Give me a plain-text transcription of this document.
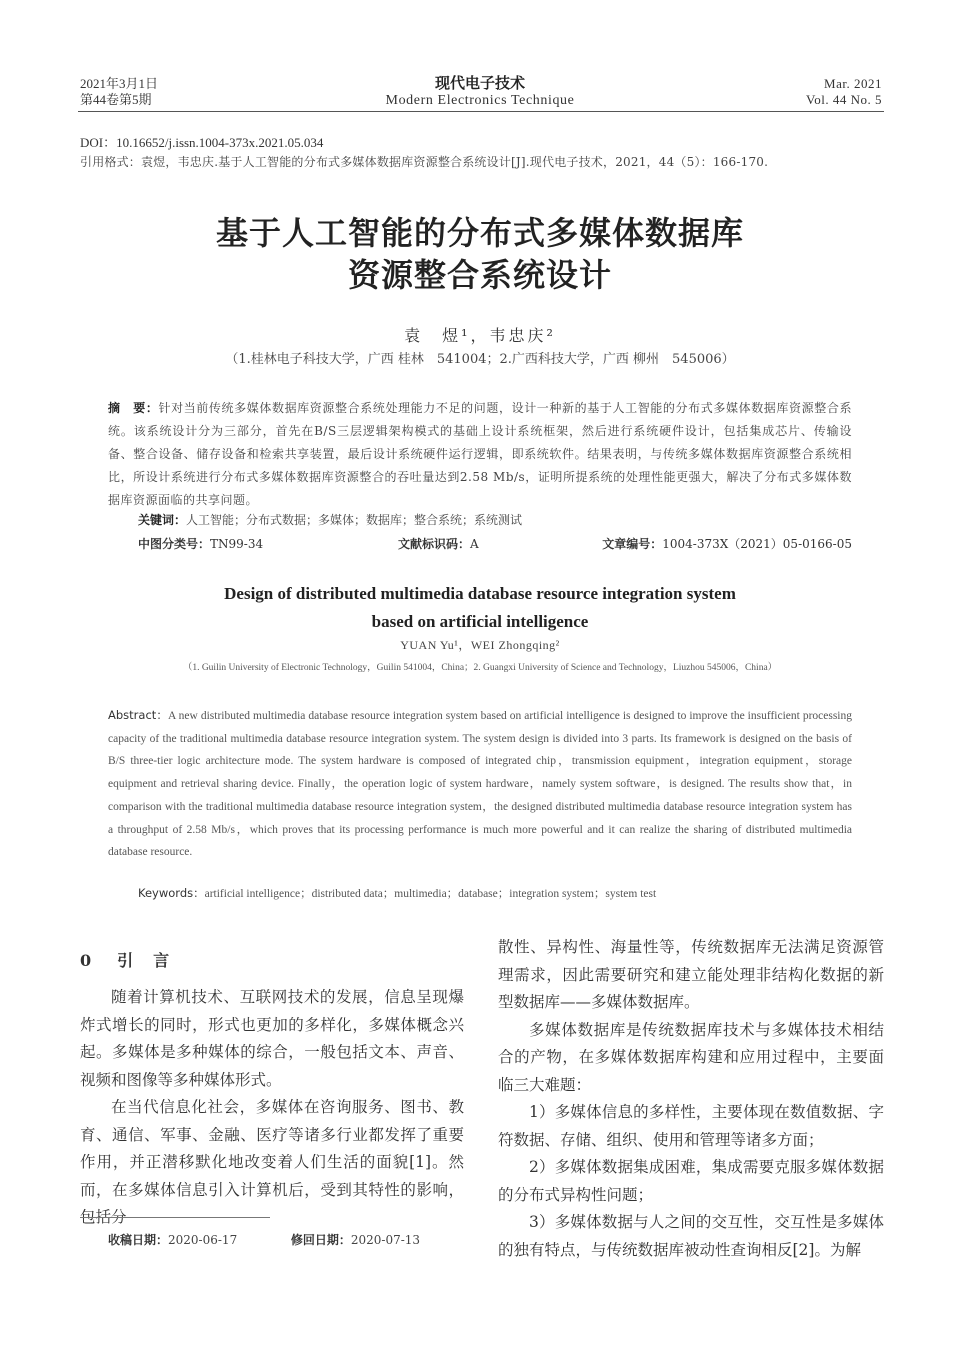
2021年3月1日
第44卷第5期
现代电子技术
Modern Electronics Technique
Mar. 2021
Vol. 44 No. 5
DOI：10.16652/j.issn.1004-373x.2021.05.034
引用格式：袁煜，韦忠庆.基于人工智能的分布式多媒体数据库资源整合系统设计[J].现代电子技术，2021，44（5）：166-170.
基于人工智能的分布式多媒体数据库
资源整合系统设计
袁　煜¹，韦忠庆²
（1.桂林电子科技大学，广西 桂林　541004；2.广西科技大学，广西 柳州　545006）
摘　要：针对当前传统多媒体数据库资源整合系统处理能力不足的问题，设计一种新的基于人工智能的分布式多媒体数据库资源整合系统。该系统设计分为三部分，首先在B/S三层逻辑架构模式的基础上设计系统框架，然后进行系统硬件设计，包括集成芯片、传输设备、整合设备、储存设备和检索共享装置，最后设计系统硬件运行逻辑，即系统软件。结果表明，与传统多媒体数据库资源整合系统相比，所设计系统进行分布式多媒体数据库资源整合的吞吐量达到2.58 Mb/s，证明所提系统的处理性能更强大，解决了分布式多媒体数据库资源面临的共享问题。
关键词：人工智能；分布式数据；多媒体；数据库；整合系统；系统测试
中图分类号：TN99-34	文献标识码：A	文章编号：1004-373X（2021）05-0166-05
Design of distributed multimedia database resource integration system
based on artificial intelligence
YUAN Yu¹，WEI Zhongqing²
（1. Guilin University of Electronic Technology，Guilin 541004，China；2. Guangxi University of Science and Technology，Liuzhou 545006，China）
Abstract：A new distributed multimedia database resource integration system based on artificial intelligence is designed to improve the insufficient processing capacity of the traditional multimedia database resource integration system. The system design is divided into 3 parts. Its framework is designed on the basis of B/S three-tier logic architecture mode. The system hardware is composed of integrated chip，transmission equipment，integration equipment，storage equipment and retrieval sharing device. Finally，the operation logic of system hardware，namely system software，is designed. The results show that，in comparison with the traditional multimedia database resource integration system，the designed distributed multimedia database resource integration system has a throughput of 2.58 Mb/s，which proves that its processing performance is much more powerful and it can realize the sharing of distributed multimedia database resource.
Keywords：artificial intelligence；distributed data；multimedia；database；integration system；system test
0 引　言

随着计算机技术、互联网技术的发展，信息呈现爆炸式增长的同时，形式也更加的多样化，多媒体概念兴起。多媒体是多种媒体的综合，一般包括文本、声音、视频和图像等多种媒体形式。

在当代信息化社会，多媒体在咨询服务、图书、教育、通信、军事、金融、医疗等诸多行业都发挥了重要作用，并正潜移默化地改变着人们生活的面貌[1]。然而，在多媒体信息引入计算机后，受到其特性的影响，包括分

散性、异构性、海量性等，传统数据库无法满足资源管理需求，因此需要研究和建立能处理非结构化数据的新型数据库——多媒体数据库。

多媒体数据库是传统数据库技术与多媒体技术相结合的产物，在多媒体数据库构建和应用过程中，主要面临三大难题：

1）多媒体信息的多样性，主要体现在数值数据、字符数据、存储、组织、使用和管理等诸多方面；

2）多媒体数据集成困难，集成需要克服多媒体数据的分布式异构性问题；

3）多媒体数据与人之间的交互性，交互性是多媒体的独有特点，与传统数据库被动性查询相反[2]。为解

收稿日期：2020-06-17	修回日期：2020-07-13
